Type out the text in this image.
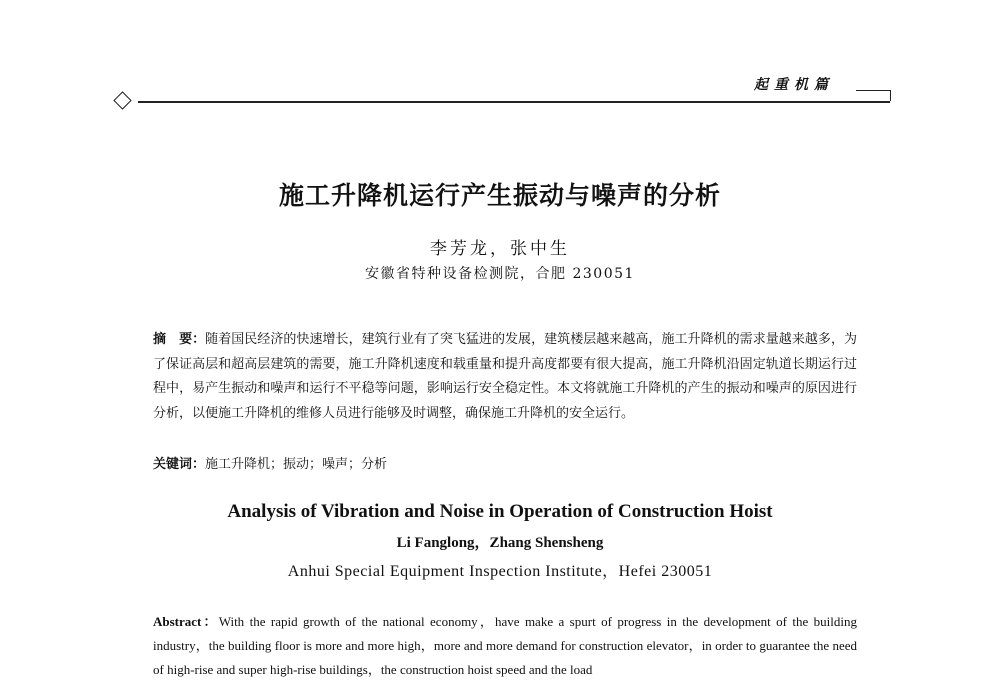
起重机篇
施工升降机运行产生振动与噪声的分析
李芳龙，张中生
安徽省特种设备检测院，合肥 230051
摘　要：随着国民经济的快速增长，建筑行业有了突飞猛进的发展，建筑楼层越来越高，施工升降机的需求量越来越多，为了保证高层和超高层建筑的需要，施工升降机速度和载重量和提升高度都要有很大提高，施工升降机沿固定轨道长期运行过程中，易产生振动和噪声和运行不平稳等问题，影响运行安全稳定性。本文将就施工升降机的产生的振动和噪声的原因进行分析，以便施工升降机的维修人员进行能够及时调整，确保施工升降机的安全运行。
关键词：施工升降机；振动；噪声；分析
Analysis of Vibration and Noise in Operation of Construction Hoist
Li Fanglong，Zhang Shensheng
Anhui Special Equipment Inspection Institute，Hefei 230051
Abstract：With the rapid growth of the national economy，have make a spurt of progress in the development of the building industry，the building floor is more and more high，more and more demand for construction elevator，in order to guarantee the need of high-rise and super high-rise buildings，the construction hoist speed and the load
